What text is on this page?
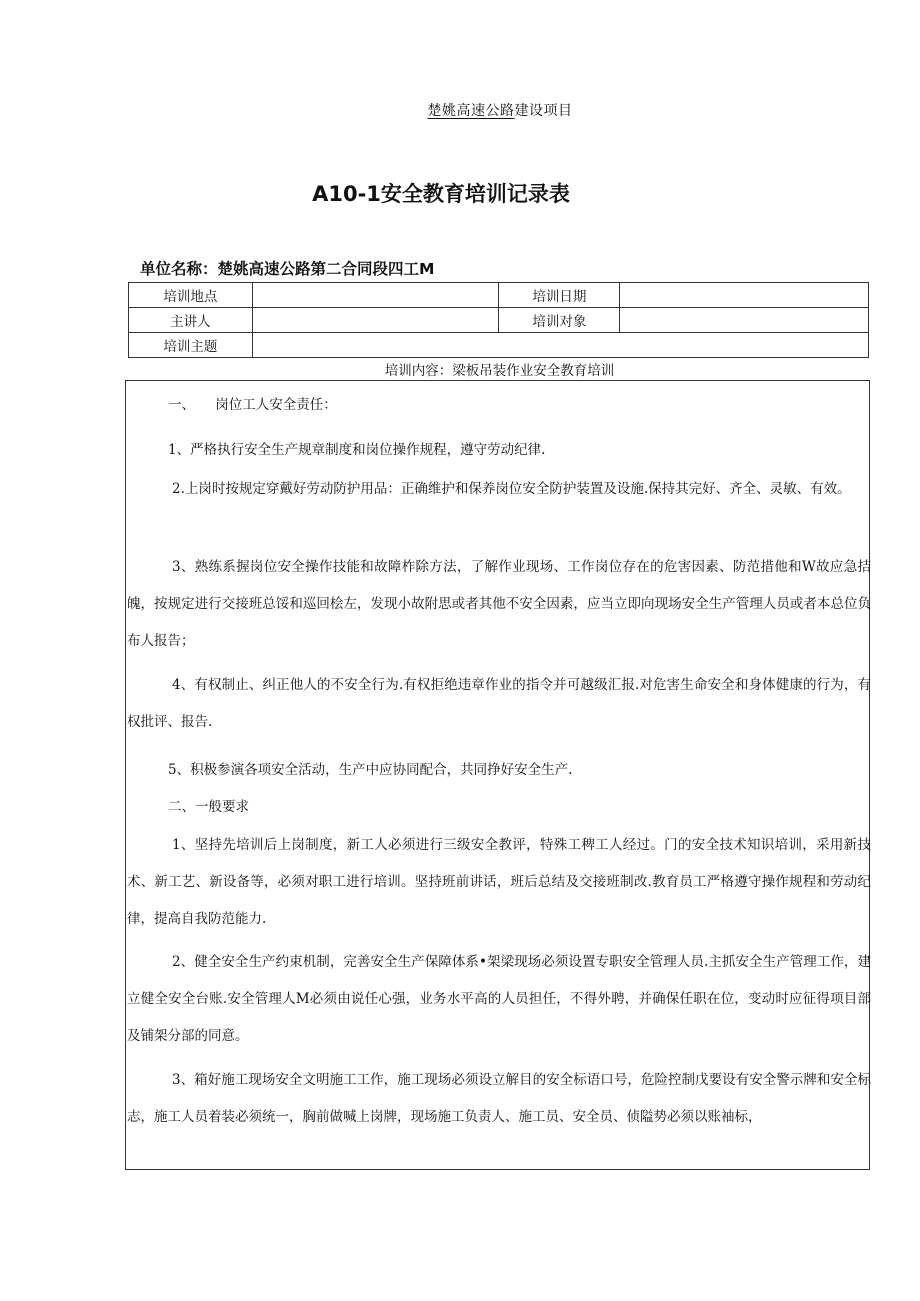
楚姚高速公路建设项目
A10-1安全教育培训记录表
单位名称：楚姚高速公路第二合同段四工M
培训地点		培训日期	
主讲人		培训对象	
培训主题			
培训内容：梁板吊装作业安全教育培训

一、　　岗位工人安全责任：

1、严格执行安全生产规章制度和岗位操作规程，遵守劳动纪律.

2.上岗时按规定穿戴好劳动防护用品：正确维护和保养岗位安全防护装置及设施.保持其完好、齐全、灵敏、有效。

3、熟练系握岗位安全操作技能和故障柞除方法，了解作业现场、工作岗位存在的危害因素、防范措他和W故应急拮魄，按规定进行交接班总馁和巡回桧左，发现小故附思或者其他不安全因素，应当立即向现场安全生产管理人员或者本总位负布人报告；

4、有权制止、纠正他人的不安全行为.有权拒绝违章作业的指令并可越级汇报.对危害生命安全和身体健康的行为，有权批评、报告.

5、积极参演各项安全活动，生产中应协同配合，共同挣好安全生产.

二、一般要求

1、坚持先培训后上岗制度，新工人必须进行三级安全教评，特殊工稗工人经过。门的安全技术知识培训，采用新技术、新工艺、新设备等，必须对职工进行培训。坚持班前讲话，班后总结及交接班制改.教育员工严格遵守操作规程和劳动纪律，提高自我防范能力.

2、健全安全生产约束机制，完善安全生产保障体系•架梁现场必须设置专职安全管理人员.主抓安全生产管理工作，建立健全安全台账.安全管理人M必须由说任心强，业务水平高的人员担任，不得外聘，并确保任职在位，变动时应征得项目部及铺架分部的同意。

3、箱好施工现场安全文明施工工作，施工现场必须设立解目的安全标语口号，危险控制戊要设有安全警示牌和安全标志，施工人员着装必须统一，胸前做喊上岗牌，现场施工负责人、施工员、安全员、侦隘势必须以账袖标，
